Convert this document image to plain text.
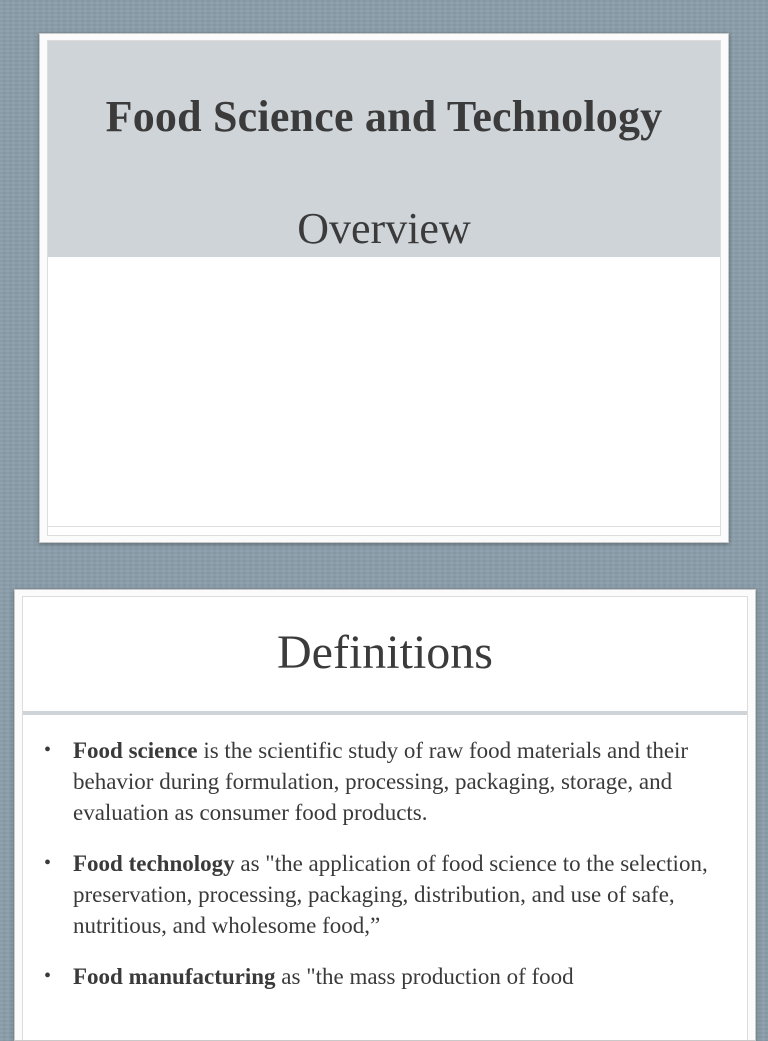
Food Science and Technology
Overview
Definitions
• Food science is the scientific study of raw food materials and their behavior during formulation, processing, packaging, storage, and evaluation as consumer food products.
• Food technology as "the application of food science to the selection, preservation, processing, packaging, distribution, and use of safe, nutritious, and wholesome food,”
• Food manufacturing as "the mass production of food
